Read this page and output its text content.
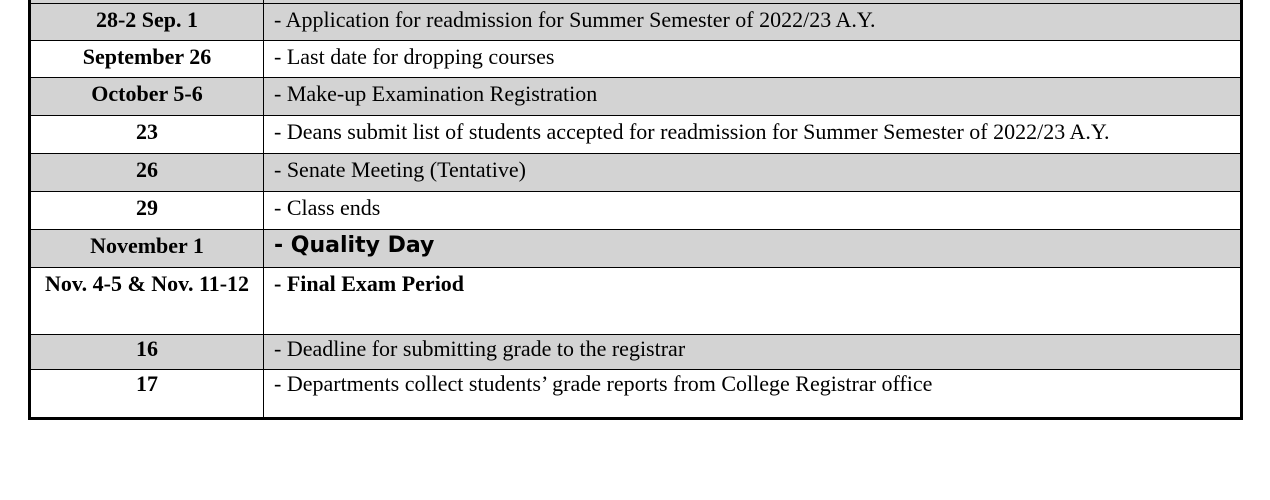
28-2 Sep. 1	- Application for readmission for Summer Semester of 2022/23 A.Y.
September 26	- Last date for dropping courses
October 5-6	- Make-up Examination Registration
23	- Deans submit list of students accepted for readmission for Summer Semester of 2022/23 A.Y.
26	- Senate Meeting (Tentative)
29	- Class ends
November 1	- Quality Day
Nov. 4-5 & Nov. 11-12	- Final Exam Period
16	- Deadline for submitting grade to the registrar
17	- Departments collect students’ grade reports from College Registrar office
